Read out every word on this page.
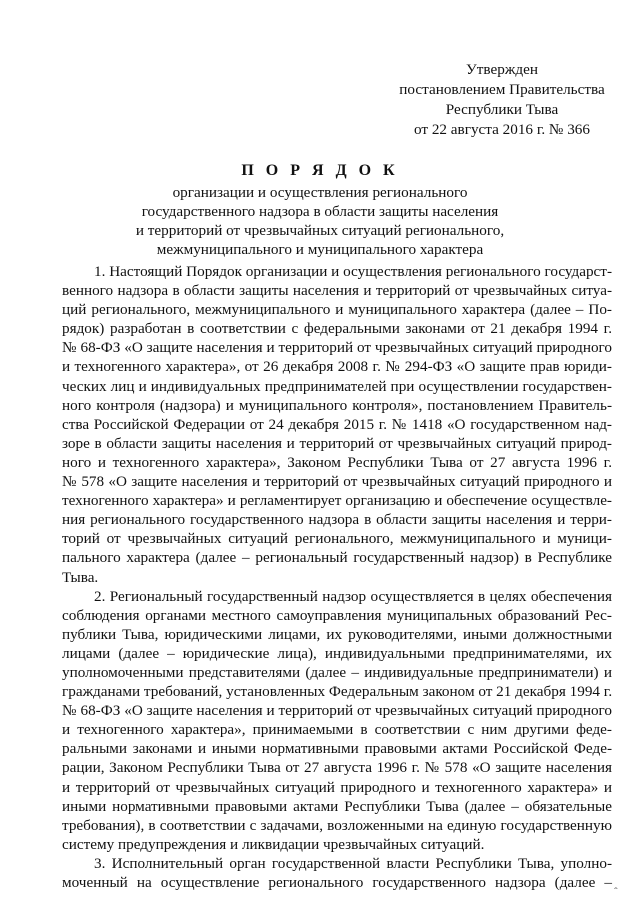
Утвержден
постановлением Правительства
Республики Тыва
от 22 августа 2016 г. № 366
П О Р Я Д О К
организации и осуществления регионального
государственного надзора в области защиты населения
и территорий от чрезвычайных ситуаций регионального,
межмуниципального и муниципального характера
1. Настоящий Порядок организации и осуществления регионального государст-
венного надзора в области защиты населения и территорий от чрезвычайных ситуа-
ций регионального, межмуниципального и муниципального характера (далее – По-
рядок) разработан в соответствии с федеральными законами от 21 декабря 1994 г.
№ 68-ФЗ «О защите населения и территорий от чрезвычайных ситуаций природного
и техногенного характера», от 26 декабря 2008 г. № 294-ФЗ «О защите прав юриди-
ческих лиц и индивидуальных предпринимателей при осуществлении государствен-
ного контроля (надзора) и муниципального контроля», постановлением Правитель-
ства Российской Федерации от 24 декабря 2015 г. № 1418 «О государственном над-
зоре в области защиты населения и территорий от чрезвычайных ситуаций природ-
ного и техногенного характера», Законом Республики Тыва от 27 августа 1996 г.
№ 578 «О защите населения и территорий от чрезвычайных ситуаций природного и
техногенного характера» и регламентирует организацию и обеспечение осуществле-
ния регионального государственного надзора в области защиты населения и терри-
торий от чрезвычайных ситуаций регионального, межмуниципального и муници-
пального характера (далее – региональный государственный надзор) в Республике
Тыва.
2. Региональный государственный надзор осуществляется в целях обеспечения
соблюдения органами местного самоуправления муниципальных образований Рес-
публики Тыва, юридическими лицами, их руководителями, иными должностными
лицами (далее – юридические лица), индивидуальными предпринимателями, их
уполномоченными представителями (далее – индивидуальные предприниматели) и
гражданами требований, установленных Федеральным законом от 21 декабря 1994 г.
№ 68-ФЗ «О защите населения и территорий от чрезвычайных ситуаций природного
и техногенного характера», принимаемыми в соответствии с ним другими феде-
ральными законами и иными нормативными правовыми актами Российской Феде-
рации, Законом Республики Тыва от 27 августа 1996 г. № 578 «О защите населения
и территорий от чрезвычайных ситуаций природного и техногенного характера» и
иными нормативными правовыми актами Республики Тыва (далее – обязательные
требования), в соответствии с задачами, возложенными на единую государственную
систему предупреждения и ликвидации чрезвычайных ситуаций.
3. Исполнительный орган государственной власти Республики Тыва, уполно-
моченный на осуществление регионального государственного надзора (далее –
ˆ
